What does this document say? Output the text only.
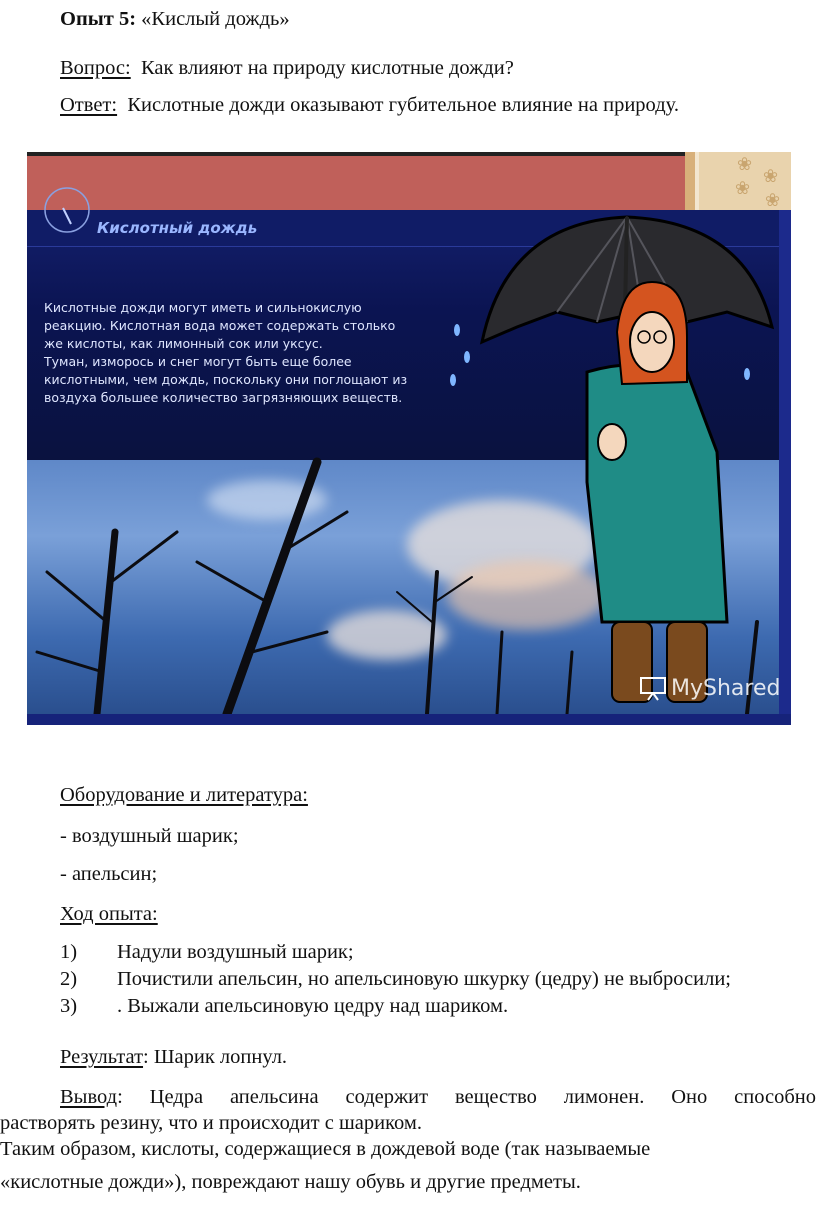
Опыт 5: «Кислый дождь»
Вопрос: Как влияют на природу кислотные дожди?
Ответ: Кислотные дожди оказывают губительное влияние на природу.
❀
❀
❀
❀
Кислотный дождь
Кислотные дожди могут иметь и сильнокислую
реакцию. Кислотная вода может содержать столько
же кислоты, как лимонный сок или уксус.
Туман, изморось и снег могут быть еще более
кислотными, чем дождь, поскольку они поглощают из
воздуха большее количество загрязняющих веществ.
MyShared
Оборудование и литература:
- воздушный шарик;
- апельсин;
Ход опыта:
1) Надули воздушный шарик;
2) Почистили апельсин, но апельсиновую шкурку (цедру) не выбросили;
3) . Выжали апельсиновую цедру над шариком.
Результат: Шарик лопнул.
Вывод: Цедра апельсина содержит вещество лимонен. Оно способно
растворять резину, что и происходит с шариком.
Таким образом, кислоты, содержащиеся в дождевой воде (так называемые
«кислотные дожди»), повреждают нашу обувь и другие предметы.
